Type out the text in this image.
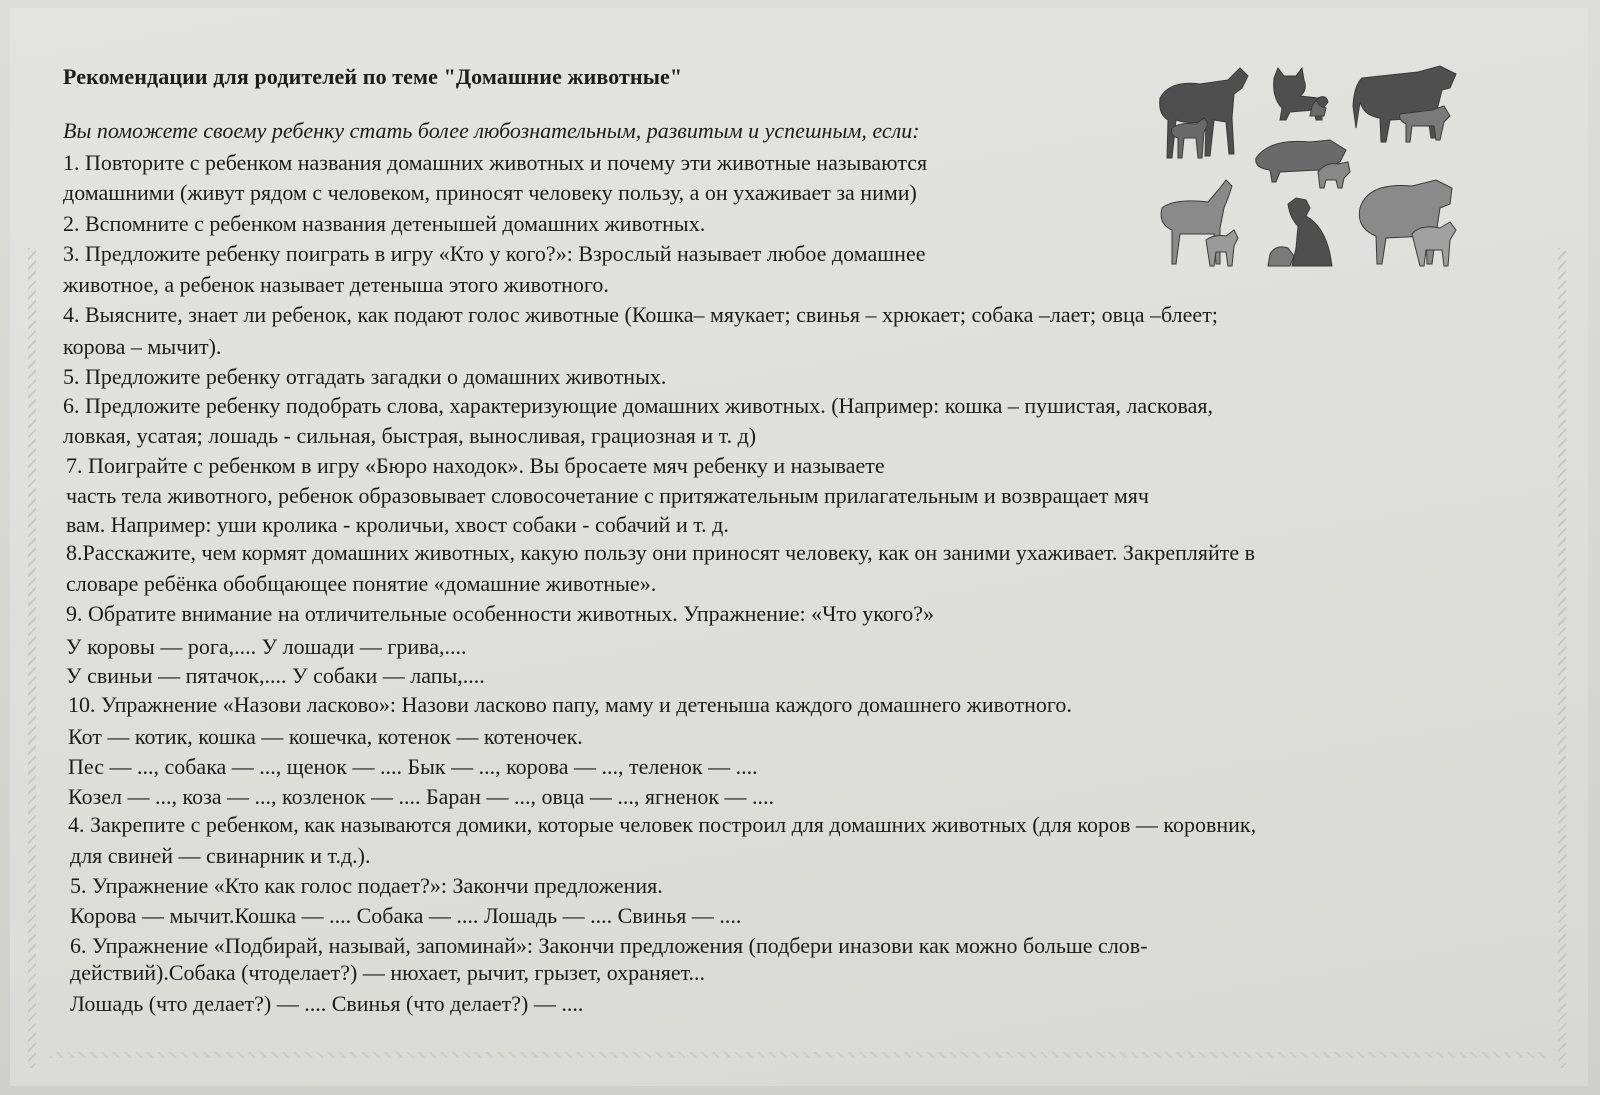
Рекомендации для родителей по теме "Домашние животные"
Вы поможете своему ребенку стать более любознательным, развитым и успешным, если:
1. Повторите с ребенком названия домашних животных и почему эти животные называются
домашними (живут рядом с человеком, приносят человеку пользу, а он ухаживает за ними)
2. Вспомните с ребенком названия детенышей домашних животных.
3. Предложите ребенку поиграть в игру «Кто у кого?»: Взрослый называет любое домашнее
животное, а ребенок называет детеныша этого животного.
4. Выясните, знает ли ребенок, как подают голос животные (Кошка– мяукает; свинья – хрюкает; собака –лает; овца –блеет;
корова – мычит).
5. Предложите ребенку отгадать загадки о домашних животных.
6. Предложите ребенку подобрать слова, характеризующие домашних животных. (Например: кошка – пушистая, ласковая,
ловкая, усатая; лошадь - сильная, быстрая, выносливая, грациозная и т. д)
7. Поиграйте с ребенком в игру «Бюро находок». Вы бросаете мяч ребенку и называете
часть тела животного, ребенок образовывает словосочетание с притяжательным прилагательным и возвращает мяч
вам. Например: уши кролика - кроличьи, хвост собаки - собачий и т. д.
8.Расскажите, чем кормят домашних животных, какую пользу они приносят человеку, как он заними ухаживает. Закрепляйте в
словаре ребёнка обобщающее понятие «домашние животные».
9. Обратите внимание на отличительные особенности животных. Упражнение: «Что укого?»
У коровы — рога,.... У лошади — грива,....
У свиньи — пятачок,.... У собаки — лапы,....
10. Упражнение «Назови ласково»: Назови ласково папу, маму и детеныша каждого домашнего животного.
Кот — котик, кошка — кошечка, котенок — котеночек.
Пес — ..., собака — ..., щенок — .... Бык — ..., корова — ..., теленок — ....
Козел — ..., коза — ..., козленок — .... Баран — ..., овца — ..., ягненок — ....
4. Закрепите с ребенком, как называются домики, которые человек построил для домашних животных (для коров — коровник,
для свиней — свинарник и т.д.).
5. Упражнение «Кто как голос подает?»: Закончи предложения.
Корова — мычит.Кошка — .... Собака — .... Лошадь — .... Свинья — ....
6. Упражнение «Подбирай, называй, запоминай»: Закончи предложения (подбери иназови как можно больше слов-
действий).Собака (чтоделает?) — нюхает, рычит, грызет, охраняет...
Лошадь (что делает?) — .... Свинья (что делает?) — ....
